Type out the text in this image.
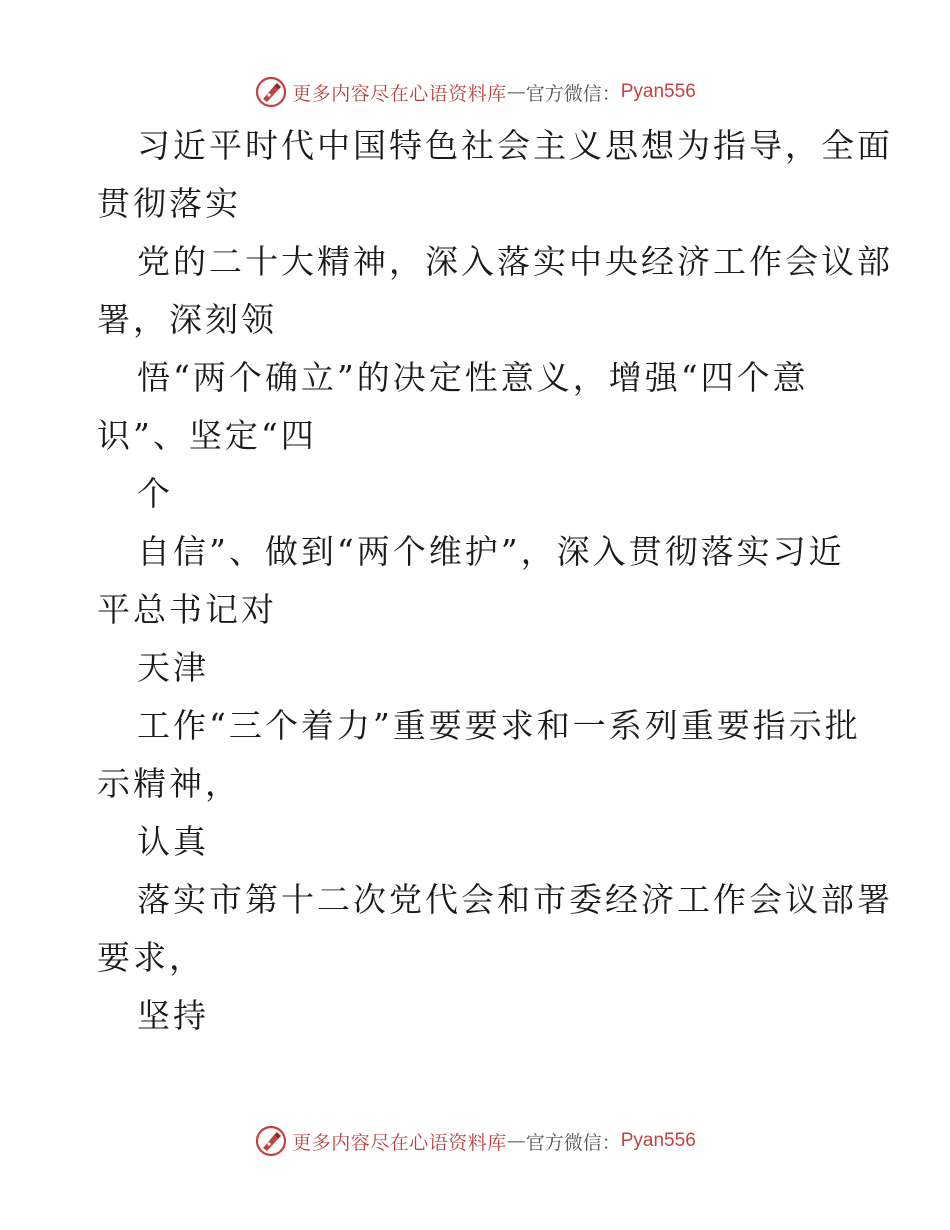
更多内容尽在心语资料库 — 官方微信： Pyan556
习近平时代中国特色社会主义思想为指导，全面
贯彻落实
党的二十大精神，深入落实中央经济工作会议部
署，深刻领
悟“两个确立”的决定性意义，增强“四个意
识”、坚定“四
个
自信”、做到“两个维护”，深入贯彻落实习近
平总书记对
天津
工作“三个着力”重要要求和一系列重要指示批
示精神，
认真
落实市第十二次党代会和市委经济工作会议部署
要求，
坚持
更多内容尽在心语资料库 — 官方微信： Pyan556
